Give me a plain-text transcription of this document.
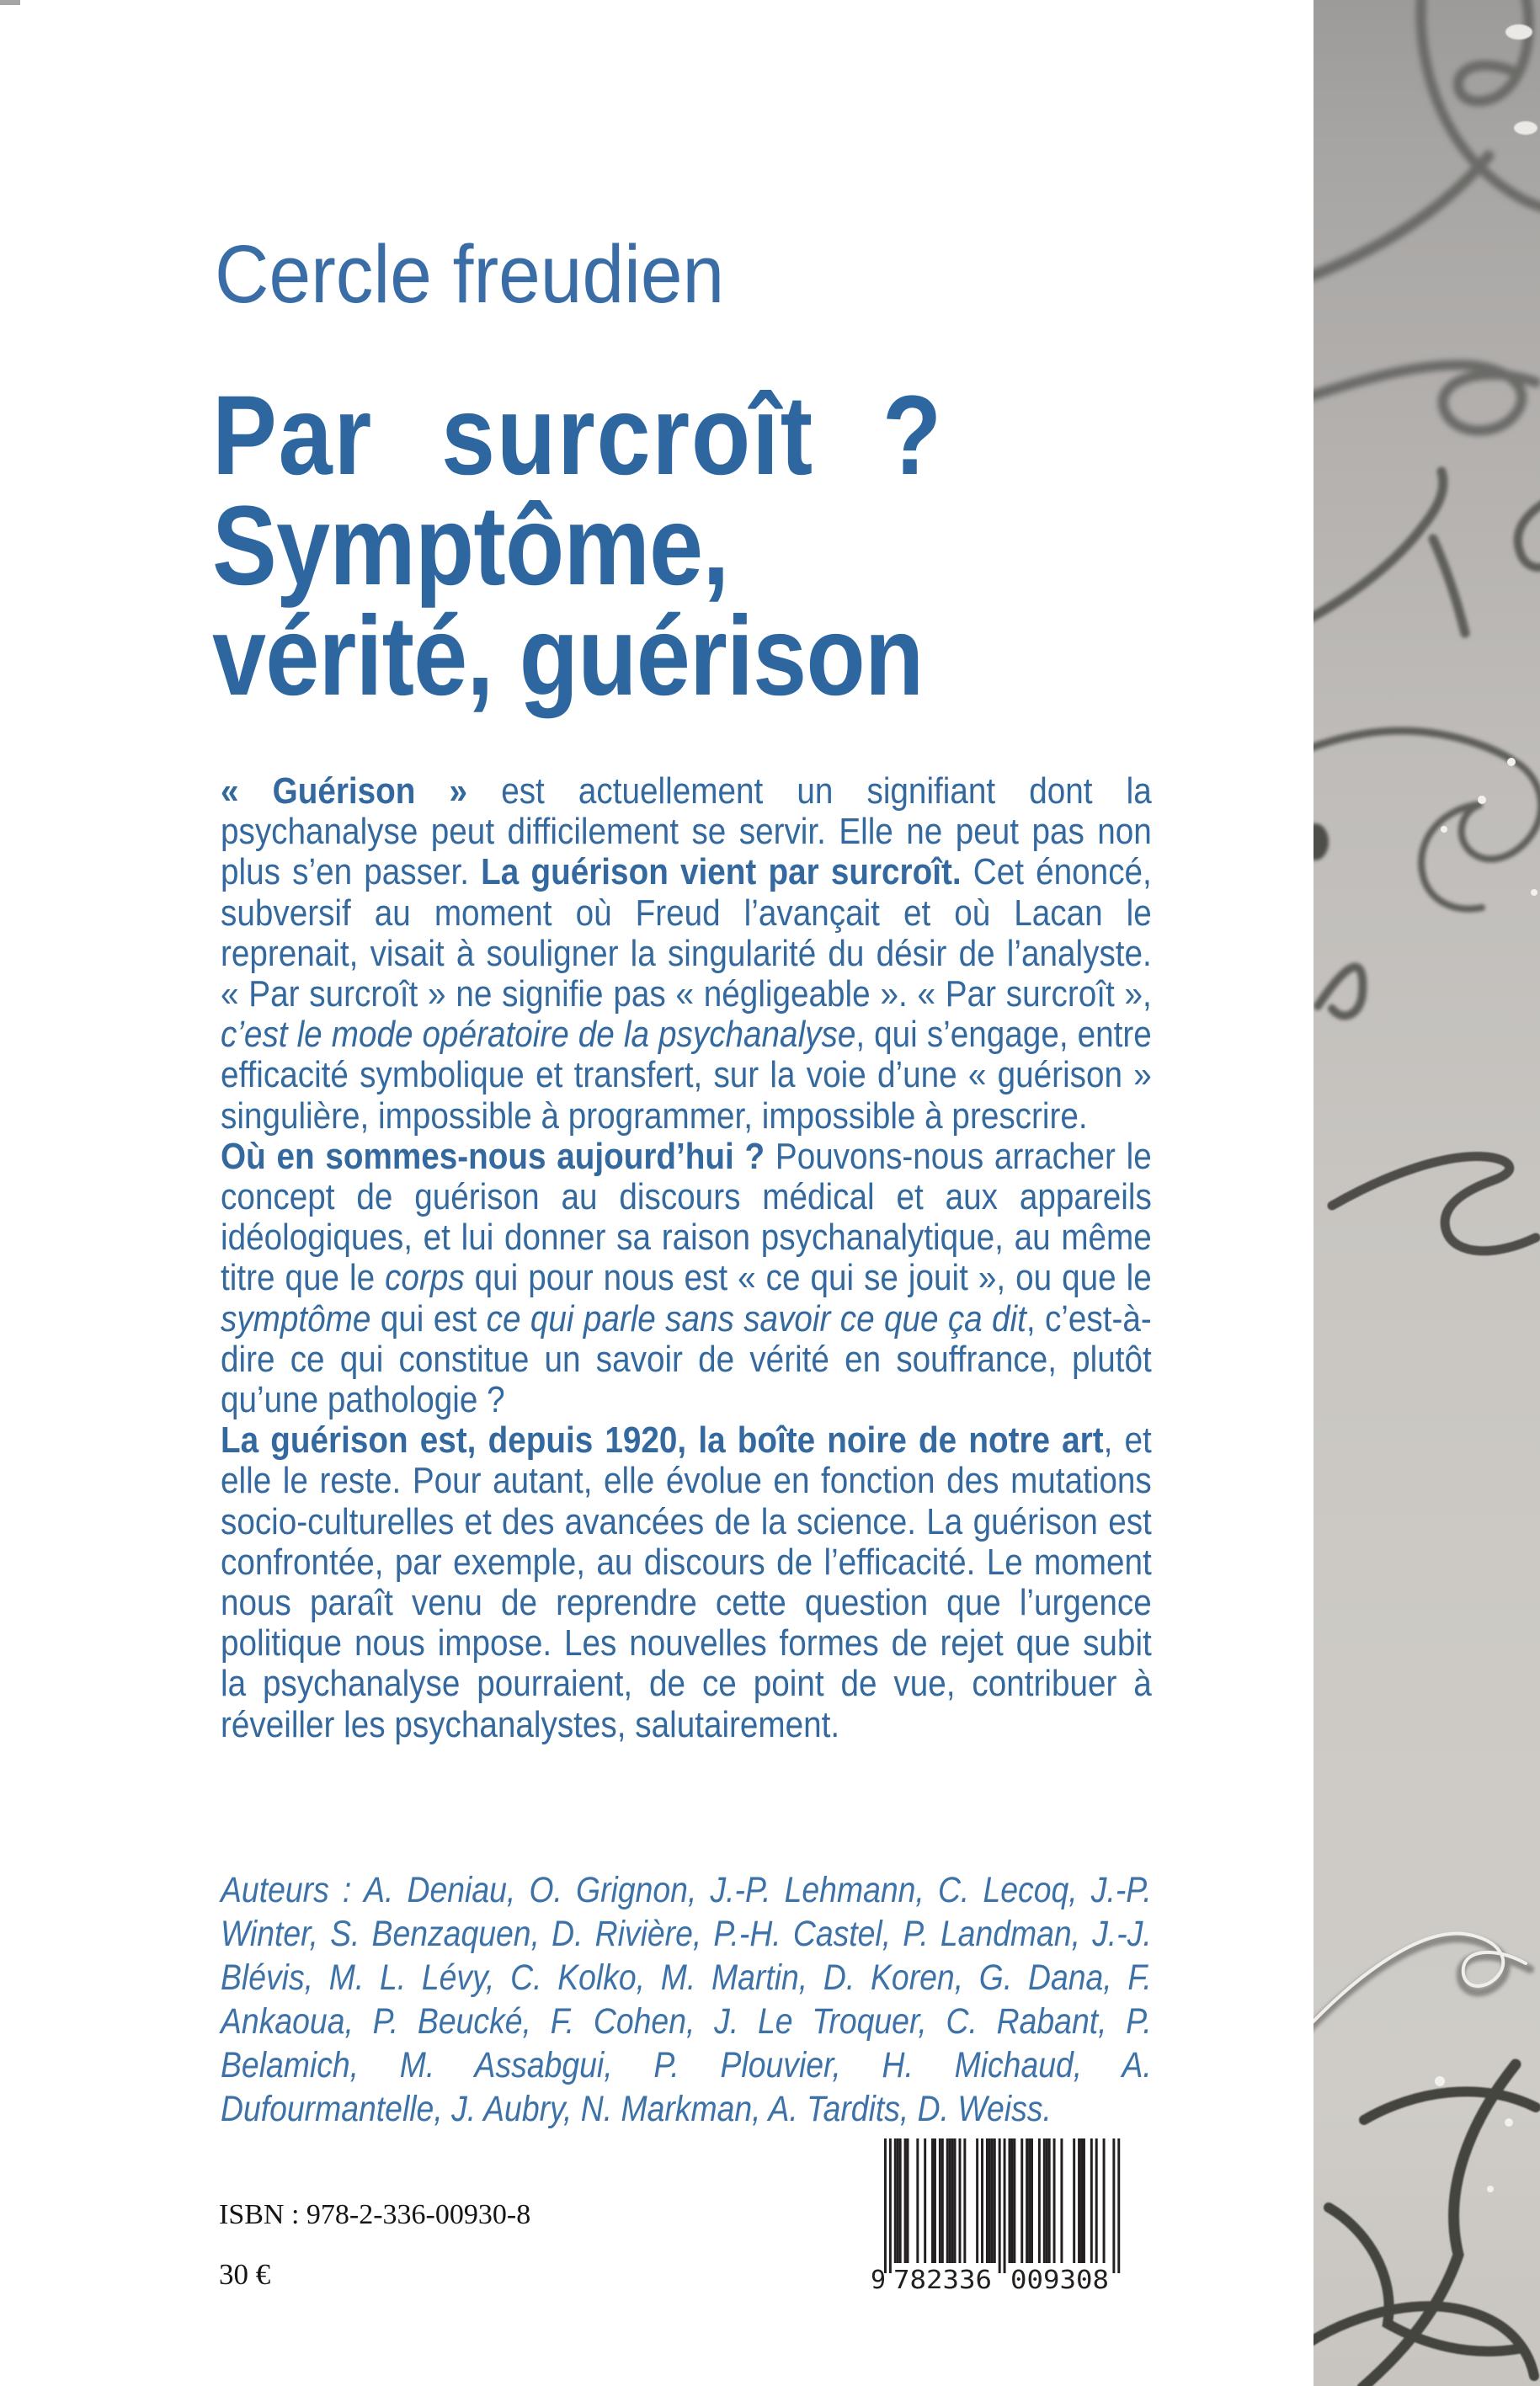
Cercle freudien
Par surcroît ?
Symptôme,
vérité, guérison

« Guérison » est actuellement un signifiant dont la psychanalyse peut difficilement se servir. Elle ne peut pas non plus s’en passer. La guérison vient par surcroît. Cet énoncé, subversif au moment où Freud l’avançait et où Lacan le reprenait, visait à souligner la singularité du désir de l’analyste. « Par surcroît » ne signifie pas « négligeable ». « Par surcroît », c’est le mode opératoire de la psychanalyse, qui s’engage, entre efficacité symbolique et transfert, sur la voie d’une « guérison » singulière, impossible à programmer, impossible à prescrire.

Où en sommes-nous aujourd’hui ? Pouvons-nous arracher le concept de guérison au discours médical et aux appareils idéologiques, et lui donner sa raison psychanalytique, au même titre que le corps qui pour nous est « ce qui se jouit », ou que le symptôme qui est ce qui parle sans savoir ce que ça dit, c’est-à-dire ce qui constitue un savoir de vérité en souffrance, plutôt qu’une pathologie ?

La guérison est, depuis 1920, la boîte noire de notre art, et elle le reste. Pour autant, elle évolue en fonction des mutations socio-culturelles et des avancées de la science. La guérison est confrontée, par exemple, au discours de l’efficacité. Le moment nous paraît venu de reprendre cette question que l’urgence politique nous impose. Les nouvelles formes de rejet que subit la psychanalyse pourraient, de ce point de vue, contribuer à réveiller les psychanalystes, salutairement.

Auteurs : A. Deniau, O. Grignon, J.-P. Lehmann, C. Lecoq, J.-P. Winter, S. Benzaquen, D. Rivière, P.-H. Castel, P. Landman, J.-J. Blévis, M. L. Lévy, C. Kolko, M. Martin, D. Koren, G. Dana, F. Ankaoua, P. Beucké, F. Cohen, J. Le Troquer, C. Rabant, P. Belamich, M. Assabgui, P. Plouvier, H. Michaud, A. Dufourmantelle, J. Aubry, N. Markman, A. Tardits, D. Weiss.
ISBN : 978-2-336-00930-8
30 €	9 782336 009308
